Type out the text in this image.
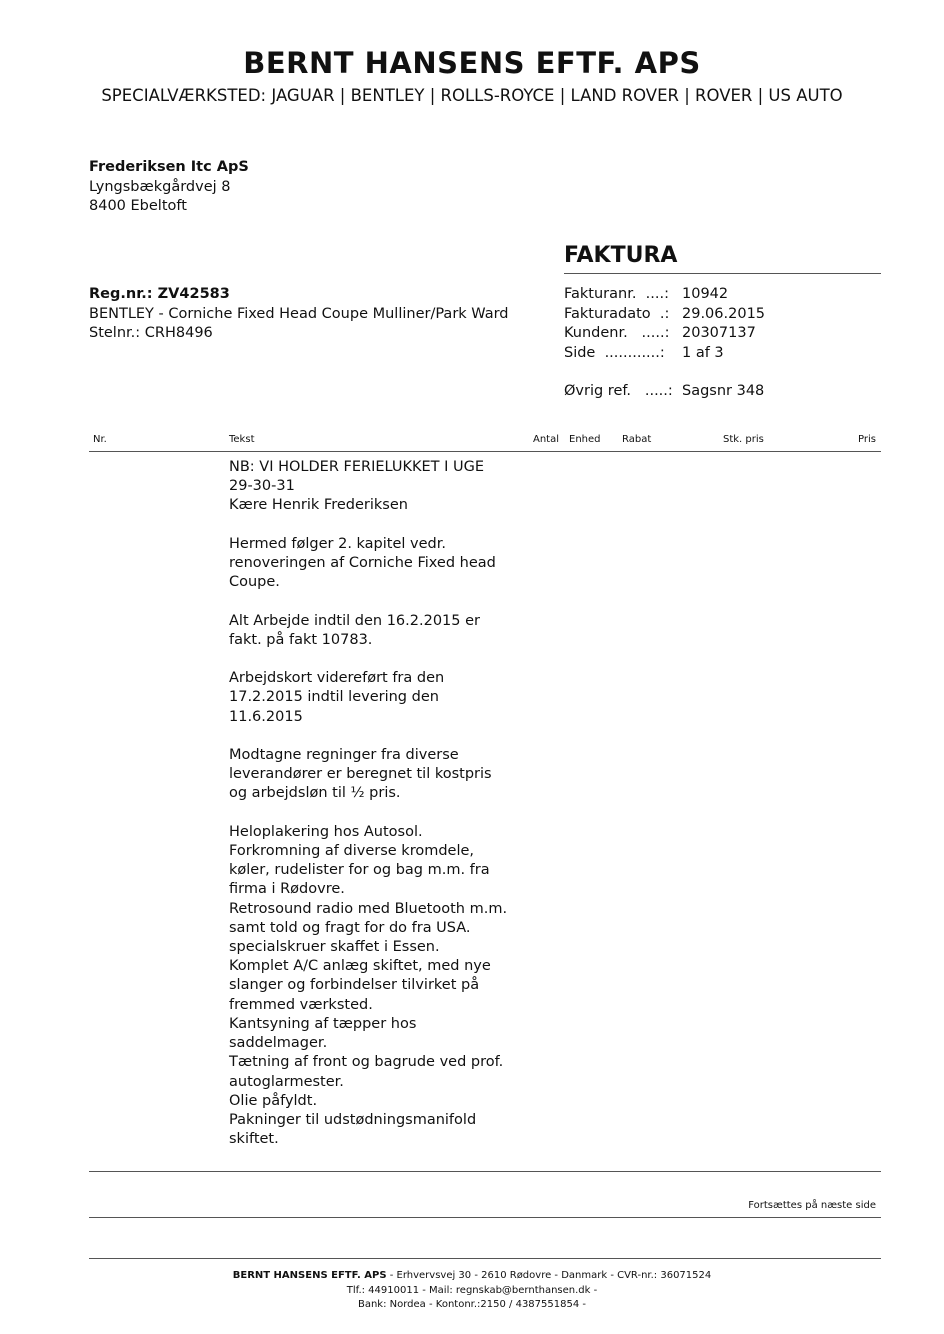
BERNT HANSENS EFTF. APS
SPECIALVÆRKSTED: JAGUAR | BENTLEY | ROLLS-ROYCE | LAND ROVER | ROVER | US AUTO
Frederiksen Itc ApS
Lyngsbækgårdvej 8
8400 Ebeltoft
FAKTURA
Reg.nr.: ZV42583
BENTLEY - Corniche Fixed Head Coupe Mulliner/Park Ward
Stelnr.: CRH8496
Fakturanr.  ....: 10942
Fakturadato  .: 29.06.2015
Kundenr.   .....: 20307137
Side  ............:	1 af 3
Øvrig ref.   .....: Sagsnr 348
Nr.	Tekst	Antal Enhed Rabat	Stk. pris	Pris
NB: VI HOLDER FERIELUKKET I UGE
29-30-31
Kære Henrik Frederiksen

Hermed følger 2. kapitel vedr.
renoveringen af Corniche Fixed head
Coupe.

Alt Arbejde indtil den 16.2.2015 er
fakt. på fakt 10783.

Arbejdskort videreført fra den
17.2.2015 indtil levering den
11.6.2015

Modtagne regninger fra diverse
leverandører er beregnet til kostpris
og arbejdsløn til ½ pris.

Heloplakering hos Autosol.
Forkromning af diverse kromdele,
køler, rudelister for og bag m.m. fra
firma i Rødovre.
Retrosound radio med Bluetooth m.m.
samt told og fragt for do fra USA.
specialskruer skaffet i Essen.
Komplet A/C anlæg skiftet, med nye
slanger og forbindelser tilvirket på
fremmed værksted.
Kantsyning af tæpper hos
saddelmager.
Tætning af front og bagrude ved prof.
autoglarmester.
Olie påfyldt.
Pakninger til udstødningsmanifold
skiftet.
Fortsættes på næste side
BERNT HANSENS EFTF. APS - Erhvervsvej 30 - 2610 Rødovre - Danmark - CVR-nr.: 36071524
Tlf.: 44910011 - Mail: regnskab@bernthansen.dk -
Bank: Nordea - Kontonr.:2150 / 4387551854 -
